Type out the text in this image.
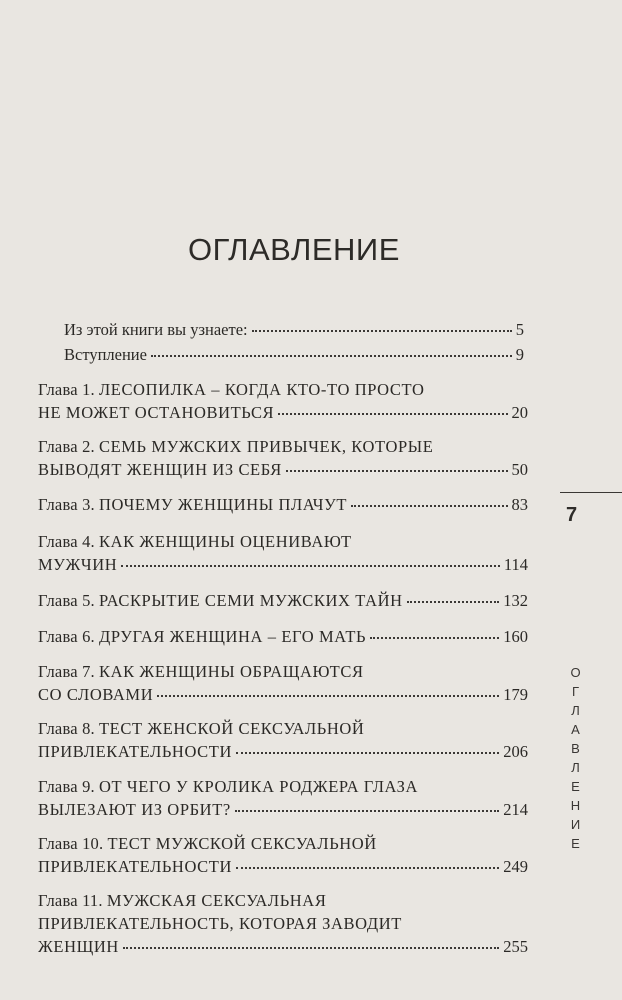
ОГЛАВЛЕНИЕ
Из этой книги вы узнаете:	5
Вступление	9
Глава 1.
ЛЕСОПИЛКА – КОГДА КТО-ТО ПРОСТО
НЕ МОЖЕТ ОСТАНОВИТЬСЯ	20
Глава 2.
СЕМЬ МУЖСКИХ ПРИВЫЧЕК, КОТОРЫЕ
ВЫВОДЯТ ЖЕНЩИН ИЗ СЕБЯ	50
Глава 3.
ПОЧЕМУ ЖЕНЩИНЫ ПЛАЧУТ	83
Глава 4.
КАК ЖЕНЩИНЫ ОЦЕНИВАЮТ
МУЖЧИН	114
Глава 5.
РАСКРЫТИЕ СЕМИ МУЖСКИХ ТАЙН	132
Глава 6.
ДРУГАЯ ЖЕНЩИНА – ЕГО МАТЬ	160
Глава 7.
КАК ЖЕНЩИНЫ ОБРАЩАЮТСЯ
СО СЛОВАМИ	179
Глава 8.
ТЕСТ ЖЕНСКОЙ СЕКСУАЛЬНОЙ
ПРИВЛЕКАТЕЛЬНОСТИ	206
Глава 9.
ОТ ЧЕГО У КРОЛИКА РОДЖЕРА ГЛАЗА
ВЫЛЕЗАЮТ ИЗ ОРБИТ?	214
Глава 10.
ТЕСТ МУЖСКОЙ СЕКСУАЛЬНОЙ
ПРИВЛЕКАТЕЛЬНОСТИ	249
Глава 11.
МУЖСКАЯ СЕКСУАЛЬНАЯ
ПРИВЛЕКАТЕЛЬНОСТЬ, КОТОРАЯ ЗАВОДИТ
ЖЕНЩИН	255
7
ОГЛАВЛЕНИЕ
